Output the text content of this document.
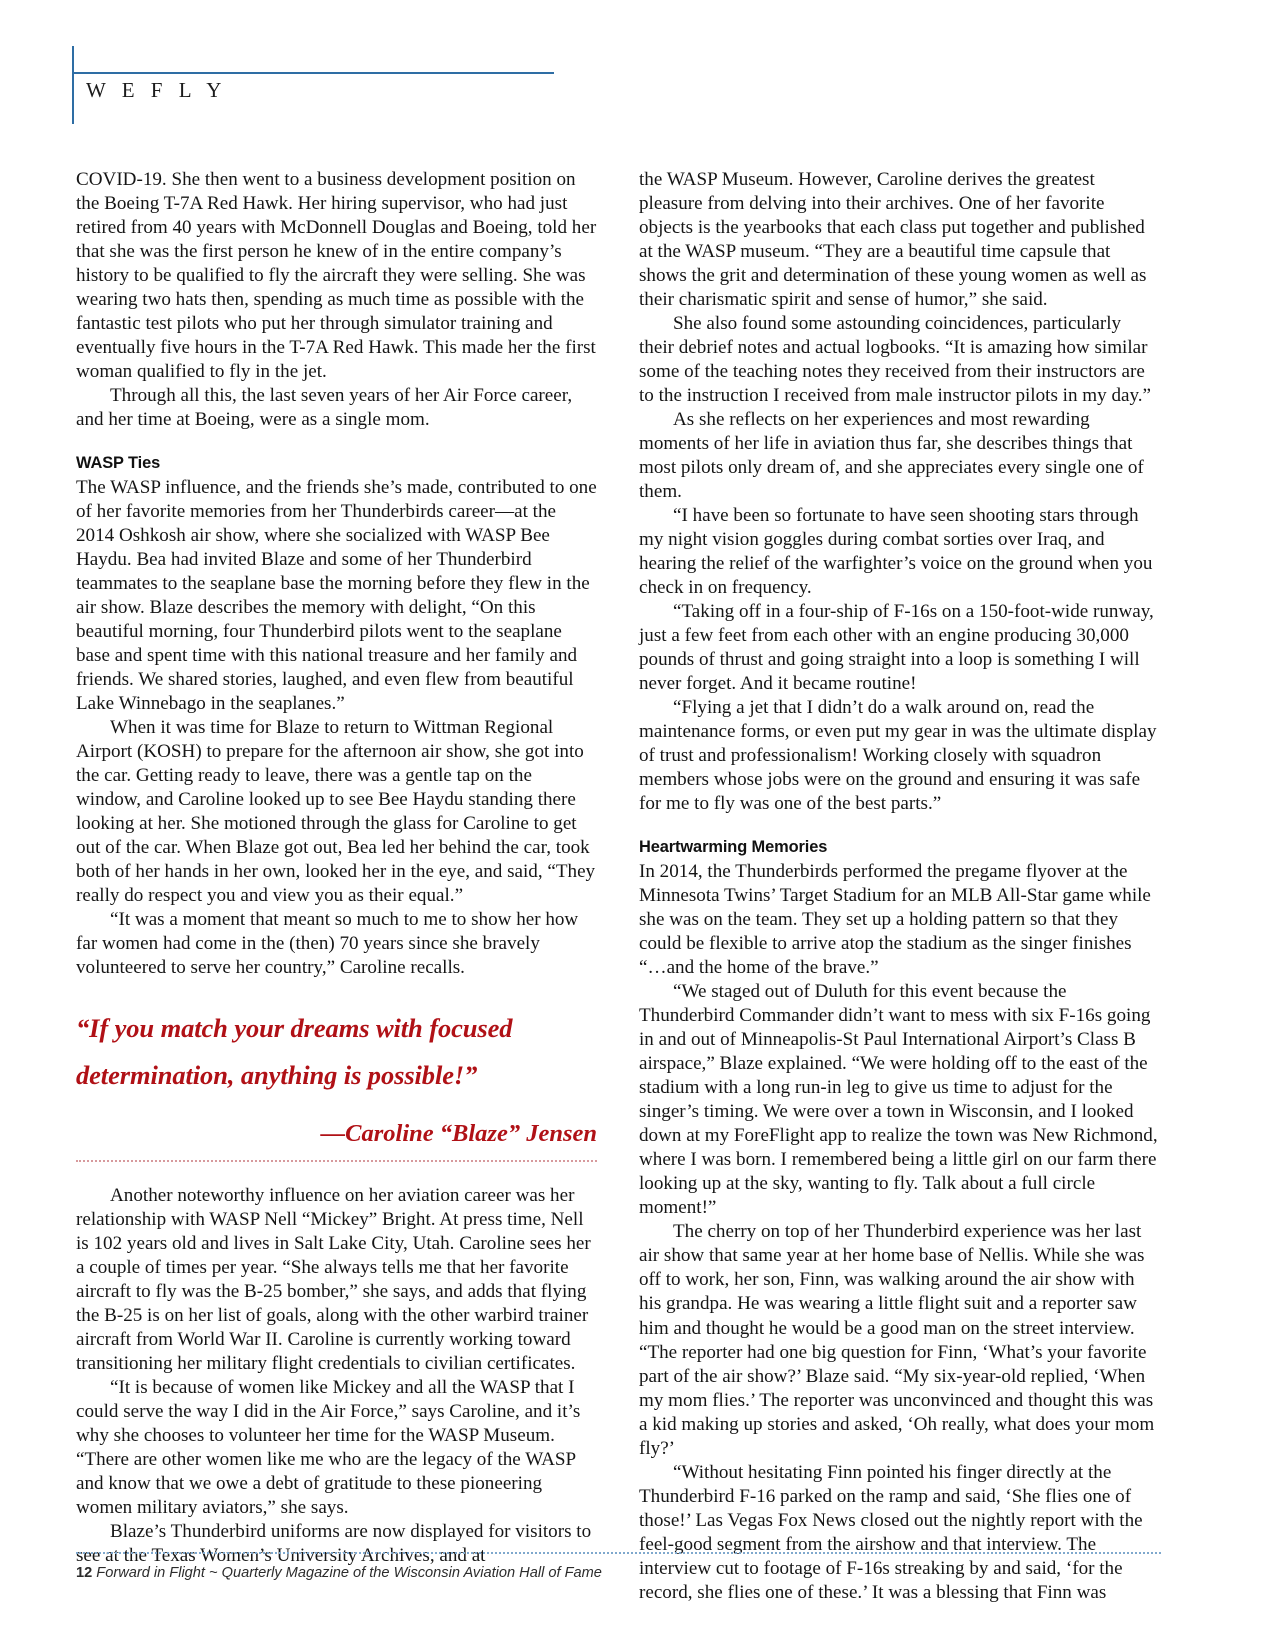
W E F L Y

COVID-19. She then went to a business development position on the Boeing T-7A Red Hawk. Her hiring supervisor, who had just retired from 40 years with McDonnell Douglas and Boeing, told her that she was the first person he knew of in the entire company’s history to be qualified to fly the aircraft they were selling. She was wearing two hats then, spending as much time as possible with the fantastic test pilots who put her through simulator training and eventually five hours in the T-7A Red Hawk. This made her the first woman qualified to fly in the jet.

Through all this, the last seven years of her Air Force career, and her time at Boeing, were as a single mom.

WASP Ties

The WASP influence, and the friends she’s made, contributed to one of her favorite memories from her Thunderbirds career—at the 2014 Oshkosh air show, where she socialized with WASP Bee Haydu. Bea had invited Blaze and some of her Thunderbird teammates to the seaplane base the morning before they flew in the air show. Blaze describes the memory with delight, “On this beautiful morning, four Thunderbird pilots went to the seaplane base and spent time with this national treasure and her family and friends. We shared stories, laughed, and even flew from beautiful Lake Winnebago in the seaplanes.”

When it was time for Blaze to return to Wittman Regional Airport (KOSH) to prepare for the afternoon air show, she got into the car. Getting ready to leave, there was a gentle tap on the window, and Caroline looked up to see Bee Haydu standing there looking at her. She motioned through the glass for Caroline to get out of the car. When Blaze got out, Bea led her behind the car, took both of her hands in her own, looked her in the eye, and said, “They really do respect you and view you as their equal.”

“It was a moment that meant so much to me to show her how far women had come in the (then) 70 years since she bravely volunteered to serve her country,” Caroline recalls.

“If you match your dreams with focused determination, anything is possible!”
—Caroline “Blaze” Jensen

Another noteworthy influence on her aviation career was her relationship with WASP Nell “Mickey” Bright. At press time, Nell is 102 years old and lives in Salt Lake City, Utah. Caroline sees her a couple of times per year. “She always tells me that her favorite aircraft to fly was the B-25 bomber,” she says, and adds that flying the B-25 is on her list of goals, along with the other warbird trainer aircraft from World War II. Caroline is currently working toward transitioning her military flight credentials to civilian certificates.

“It is because of women like Mickey and all the WASP that I could serve the way I did in the Air Force,” says Caroline, and it’s why she chooses to volunteer her time for the WASP Museum. “There are other women like me who are the legacy of the WASP and know that we owe a debt of gratitude to these pioneering women military aviators,” she says.

Blaze’s Thunderbird uniforms are now displayed for visitors to see at the Texas Women’s University Archives, and at

the WASP Museum. However, Caroline derives the greatest pleasure from delving into their archives. One of her favorite objects is the yearbooks that each class put together and published at the WASP museum. “They are a beautiful time capsule that shows the grit and determination of these young women as well as their charismatic spirit and sense of humor,” she said.

She also found some astounding coincidences, particularly their debrief notes and actual logbooks. “It is amazing how similar some of the teaching notes they received from their instructors are to the instruction I received from male instructor pilots in my day.”

As she reflects on her experiences and most rewarding moments of her life in aviation thus far, she describes things that most pilots only dream of, and she appreciates every single one of them.

“I have been so fortunate to have seen shooting stars through my night vision goggles during combat sorties over Iraq, and hearing the relief of the warfighter’s voice on the ground when you check in on frequency.

“Taking off in a four-ship of F-16s on a 150-foot-wide runway, just a few feet from each other with an engine producing 30,000 pounds of thrust and going straight into a loop is something I will never forget. And it became routine!

“Flying a jet that I didn’t do a walk around on, read the maintenance forms, or even put my gear in was the ultimate display of trust and professionalism! Working closely with squadron members whose jobs were on the ground and ensuring it was safe for me to fly was one of the best parts.”

Heartwarming Memories

In 2014, the Thunderbirds performed the pregame flyover at the Minnesota Twins’ Target Stadium for an MLB All-Star game while she was on the team. They set up a holding pattern so that they could be flexible to arrive atop the stadium as the singer finishes “…and the home of the brave.”

“We staged out of Duluth for this event because the Thunderbird Commander didn’t want to mess with six F-16s going in and out of Minneapolis-St Paul International Airport’s Class B airspace,” Blaze explained. “We were holding off to the east of the stadium with a long run-in leg to give us time to adjust for the singer’s timing. We were over a town in Wisconsin, and I looked down at my ForeFlight app to realize the town was New Richmond, where I was born. I remembered being a little girl on our farm there looking up at the sky, wanting to fly. Talk about a full circle moment!”

The cherry on top of her Thunderbird experience was her last air show that same year at her home base of Nellis. While she was off to work, her son, Finn, was walking around the air show with his grandpa. He was wearing a little flight suit and a reporter saw him and thought he would be a good man on the street interview. “The reporter had one big question for Finn, ‘What’s your favorite part of the air show?’ Blaze said. “My six-year-old replied, ‘When my mom flies.’ The reporter was unconvinced and thought this was a kid making up stories and asked, ‘Oh really, what does your mom fly?’

“Without hesitating Finn pointed his finger directly at the Thunderbird F-16 parked on the ramp and said, ‘She flies one of those!’ Las Vegas Fox News closed out the nightly report with the feel-good segment from the airshow and that interview. The interview cut to footage of F-16s streaking by and said, ‘for the record, she flies one of these.’ It was a blessing that Finn was

12 Forward in Flight ~ Quarterly Magazine of the Wisconsin Aviation Hall of Fame
